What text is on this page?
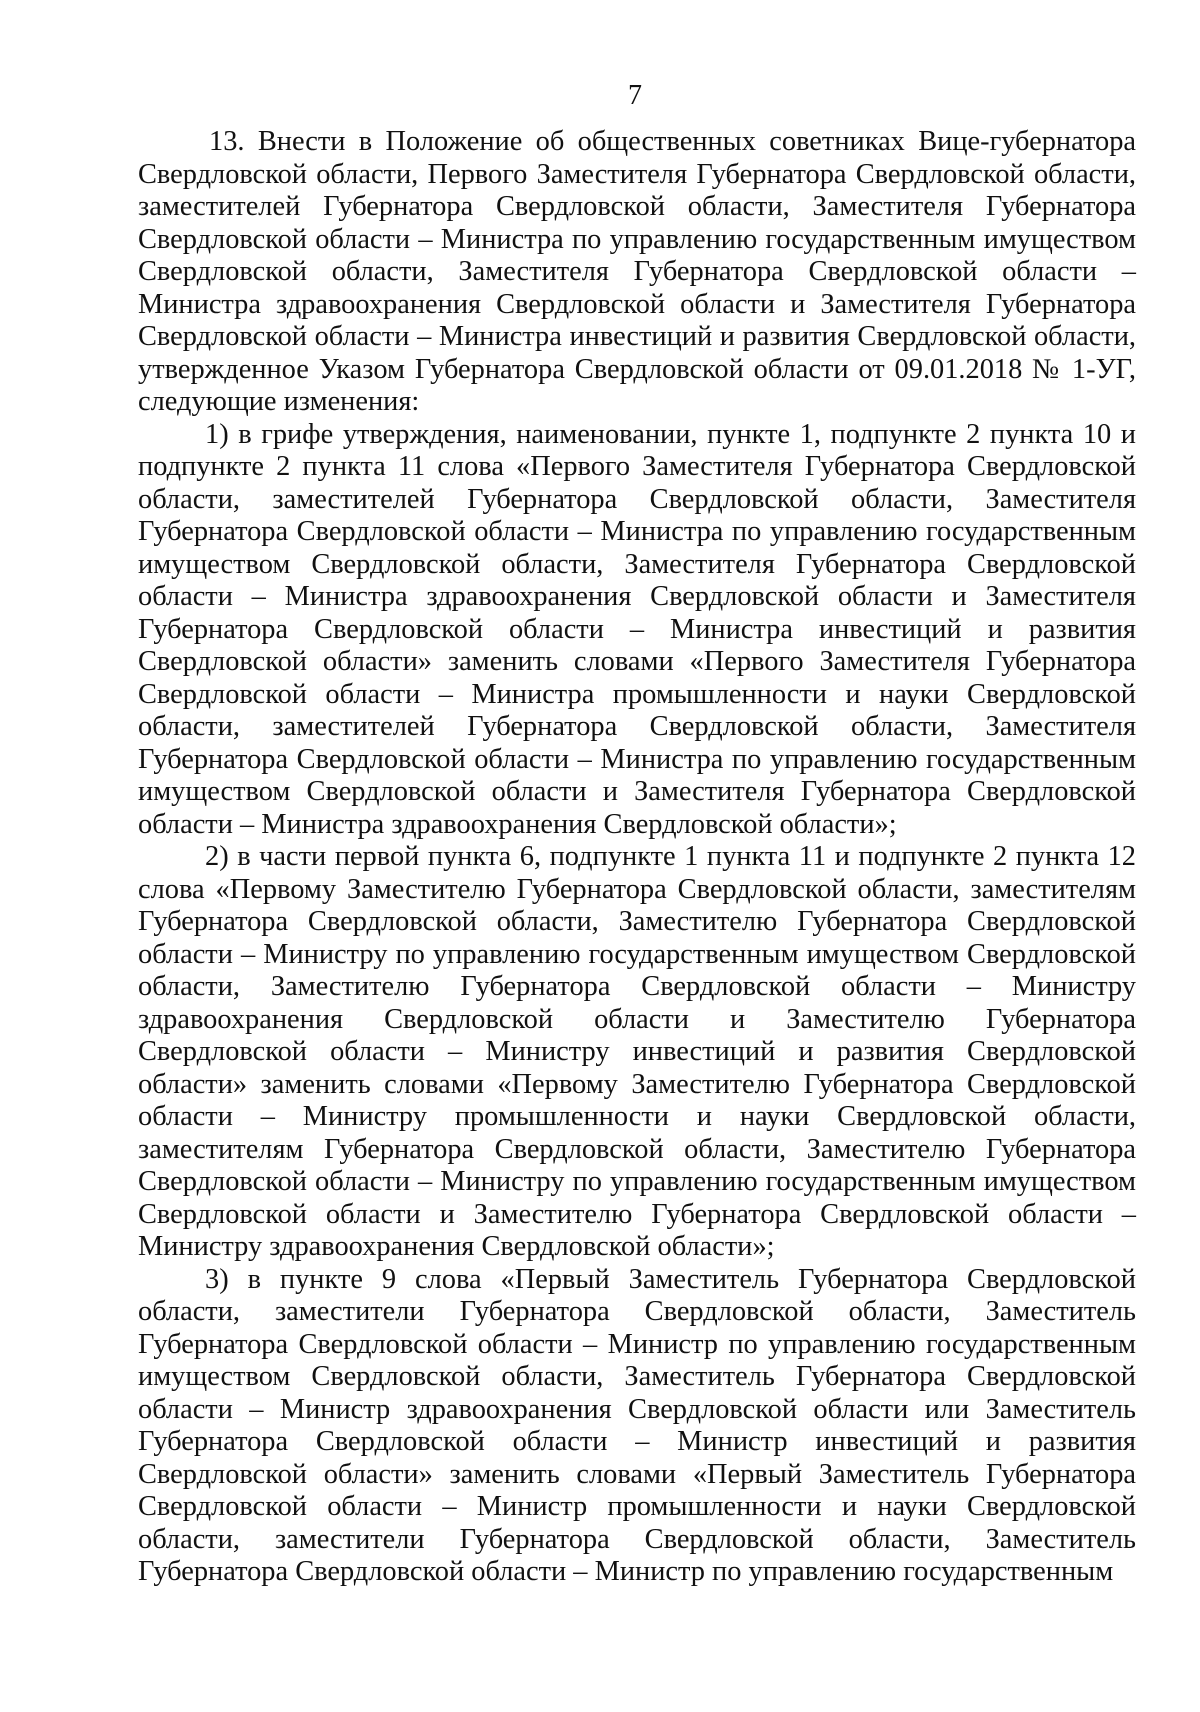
7

13. Внести в Положение об общественных советниках Вице-губернатора Свердловской области, Первого Заместителя Губернатора Свердловской области, заместителей Губернатора Свердловской области, Заместителя Губернатора Свердловской области – Министра по управлению государственным имуществом Свердловской области, Заместителя Губернатора Свердловской области – Министра здравоохранения Свердловской области и Заместителя Губернатора Свердловской области – Министра инвестиций и развития Свердловской области, утвержденное Указом Губернатора Свердловской области от 09.01.2018 № 1-УГ, следующие изменения:

1) в грифе утверждения, наименовании, пункте 1, подпункте 2 пункта 10 и подпункте 2 пункта 11 слова «Первого Заместителя Губернатора Свердловской области, заместителей Губернатора Свердловской области, Заместителя Губернатора Свердловской области – Министра по управлению государственным имуществом Свердловской области, Заместителя Губернатора Свердловской области – Министра здравоохранения Свердловской области и Заместителя Губернатора Свердловской области – Министра инвестиций и развития Свердловской области» заменить словами «Первого Заместителя Губернатора Свердловской области – Министра промышленности и науки Свердловской области, заместителей Губернатора Свердловской области, Заместителя Губернатора Свердловской области – Министра по управлению государственным имуществом Свердловской области и Заместителя Губернатора Свердловской области – Министра здравоохранения Свердловской области»;

2) в части первой пункта 6, подпункте 1 пункта 11 и подпункте 2 пункта 12 слова «Первому Заместителю Губернатора Свердловской области, заместителям Губернатора Свердловской области, Заместителю Губернатора Свердловской области – Министру по управлению государственным имуществом Свердловской области, Заместителю Губернатора Свердловской области – Министру здравоохранения Свердловской области и Заместителю Губернатора Свердловской области – Министру инвестиций и развития Свердловской области» заменить словами «Первому Заместителю Губернатора Свердловской области – Министру промышленности и науки Свердловской области, заместителям Губернатора Свердловской области, Заместителю Губернатора Свердловской области – Министру по управлению государственным имуществом Свердловской области и Заместителю Губернатора Свердловской области – Министру здравоохранения Свердловской области»;

3) в пункте 9 слова «Первый Заместитель Губернатора Свердловской области, заместители Губернатора Свердловской области, Заместитель Губернатора Свердловской области – Министр по управлению государственным имуществом Свердловской области, Заместитель Губернатора Свердловской области – Министр здравоохранения Свердловской области или Заместитель Губернатора Свердловской области – Министр инвестиций и развития Свердловской области» заменить словами «Первый Заместитель Губернатора Свердловской области – Министр промышленности и науки Свердловской области, заместители Губернатора Свердловской области, Заместитель Губернатора Свердловской области – Министр по управлению государственным
